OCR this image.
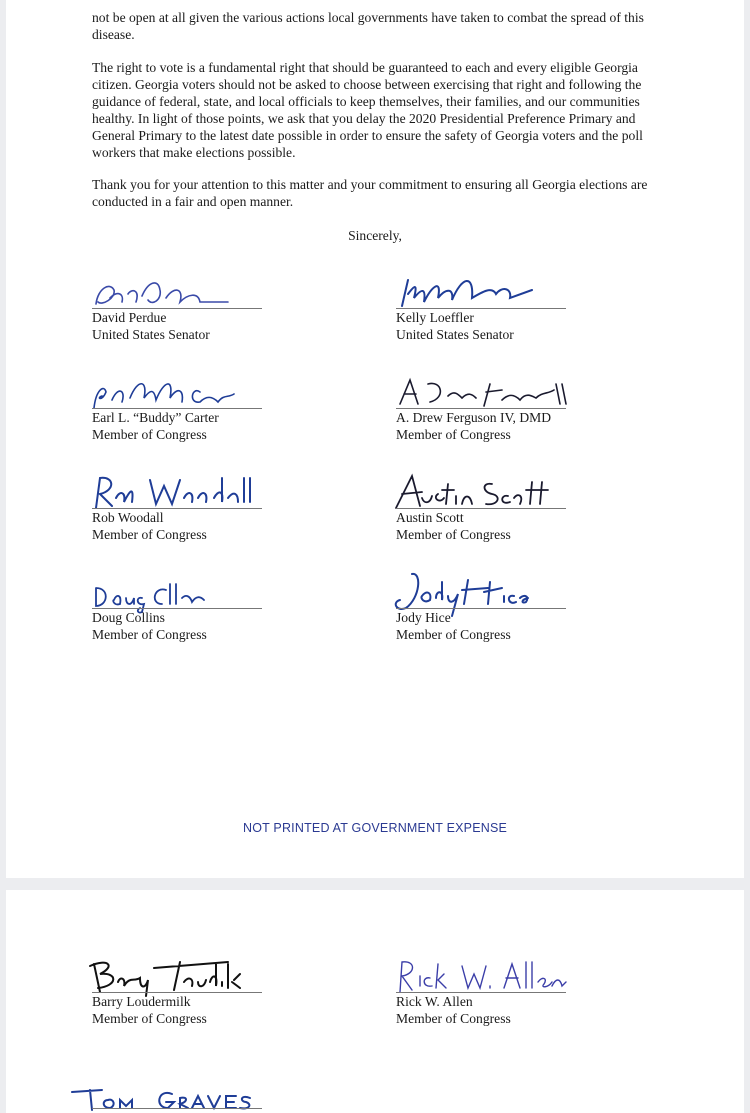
not be open at all given the various actions local governments have taken to combat the spread of this disease.

The right to vote is a fundamental right that should be guaranteed to each and every eligible Georgia citizen. Georgia voters should not be asked to choose between exercising that right and following the guidance of federal, state, and local officials to keep themselves, their families, and our communities healthy. In light of those points, we ask that you delay the 2020 Presidential Preference Primary and General Primary to the latest date possible in order to ensure the safety of Georgia voters and the poll workers that make elections possible.

Thank you for your attention to this matter and your commitment to ensuring all Georgia elections are conducted in a fair and open manner.

Sincerely,

David Perdue
United States Senator
Kelly Loeffler
United States Senator
Earl L. “Buddy” Carter
Member of Congress
A. Drew Ferguson IV, DMD
Member of Congress
Rob Woodall
Member of Congress
Austin Scott
Member of Congress
Doug Collins
Member of Congress
Jody Hice
Member of Congress
NOT PRINTED AT GOVERNMENT EXPENSE
Barry Loudermilk
Member of Congress
Rick W. Allen
Member of Congress
